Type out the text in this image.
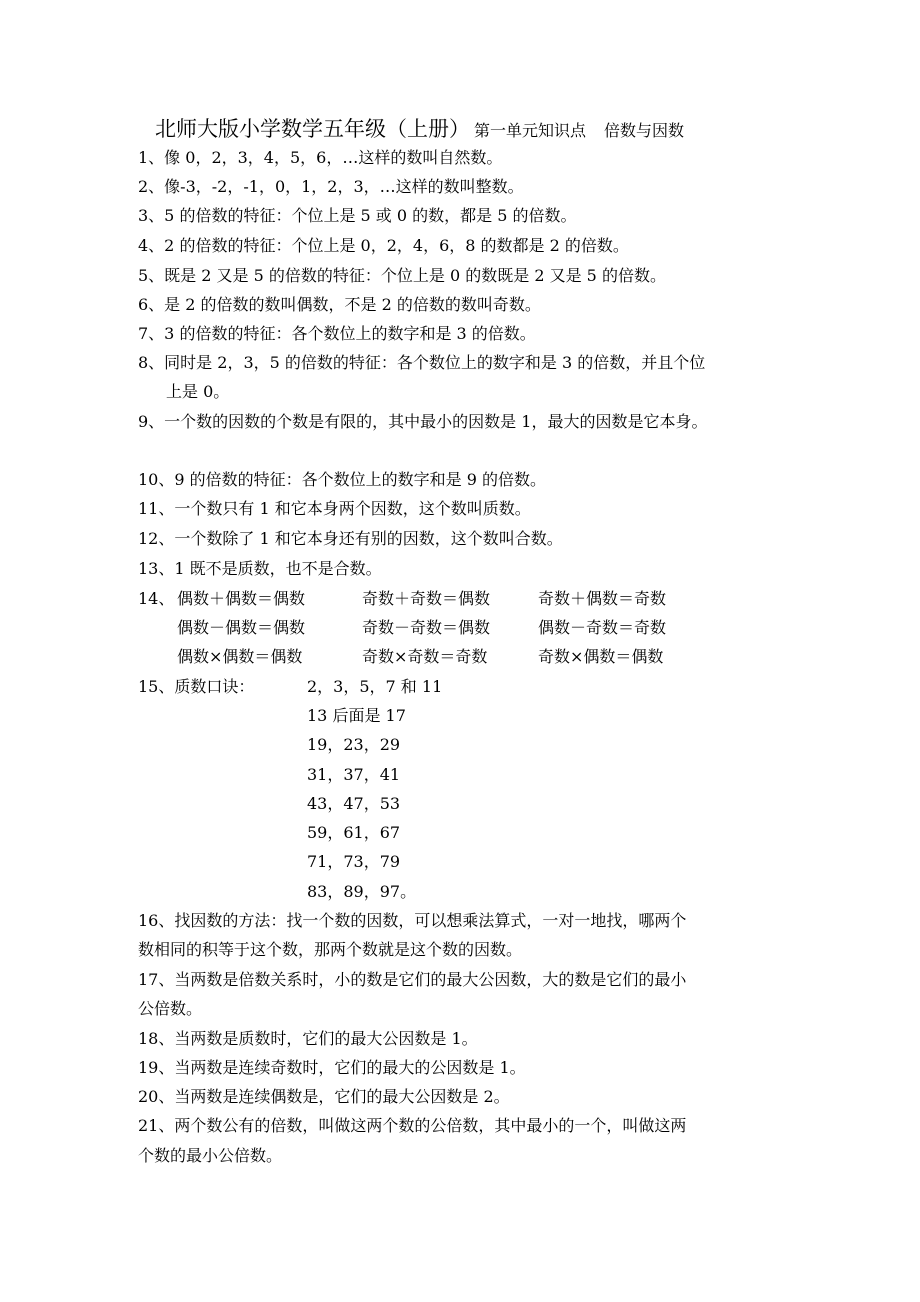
北师大版小学数学五年级（上册） 第一单元知识点 倍数与因数
1、像 0，2，3，4，5，6，…这样的数叫自然数。
2、像-3，-2，-1，0，1，2，3，…这样的数叫整数。
3、5 的倍数的特征：个位上是 5 或 0 的数，都是 5 的倍数。
4、2 的倍数的特征：个位上是 0，2，4，6，8 的数都是 2 的倍数。
5、既是 2 又是 5 的倍数的特征：个位上是 0 的数既是 2 又是 5 的倍数。
6、是 2 的倍数的数叫偶数，不是 2 的倍数的数叫奇数。
7、3 的倍数的特征：各个数位上的数字和是 3 的倍数。
8、同时是 2，3，5 的倍数的特征：各个数位上的数字和是 3 的倍数，并且个位
上是 0。
9、一个数的因数的个数是有限的，其中最小的因数是 1，最大的因数是它本身。
10、9 的倍数的特征：各个数位上的数字和是 9 的倍数。
11、一个数只有 1 和它本身两个因数，这个数叫质数。
12、一个数除了 1 和它本身还有别的因数，这个数叫合数。
13、1 既不是质数，也不是合数。
14、 偶数＋偶数＝偶数	奇数＋奇数＝偶数	奇数＋偶数＝奇数
偶数－偶数＝偶数	奇数－奇数＝偶数	偶数－奇数＝奇数
偶数×偶数＝偶数	奇数×奇数＝奇数	奇数×偶数＝偶数
15、质数口诀：	2，3，5，7 和 11
13 后面是 17
19，23，29
31，37，41
43，47，53
59，61，67
71，73，79
83，89，97。
16、找因数的方法：找一个数的因数，可以想乘法算式，一对一地找，哪两个
数相同的积等于这个数，那两个数就是这个数的因数。
17、当两数是倍数关系时，小的数是它们的最大公因数，大的数是它们的最小
公倍数。
18、当两数是质数时，它们的最大公因数是 1。
19、当两数是连续奇数时，它们的最大的公因数是 1。
20、当两数是连续偶数是，它们的最大公因数是 2。
21、两个数公有的倍数，叫做这两个数的公倍数，其中最小的一个，叫做这两
个数的最小公倍数。
